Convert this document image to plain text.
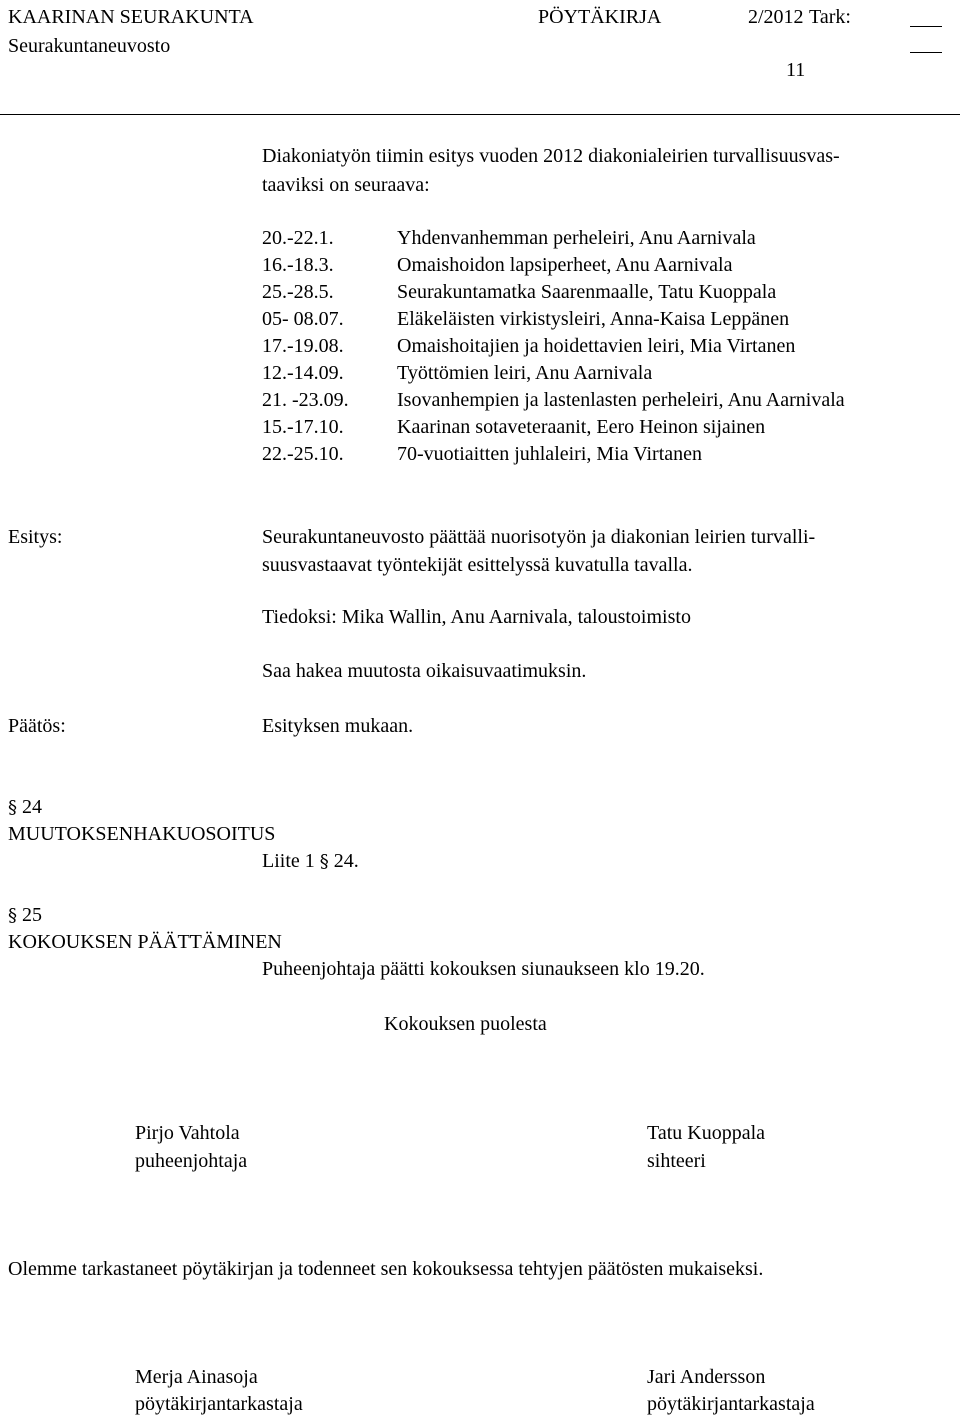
KAARINAN SEURAKUNTA
Seurakuntaneuvosto
PÖYTÄKIRJA	2/2012 Tark:
11
Diakoniatyön tiimin esitys vuoden 2012 diakonialeirien turvallisuusvas-
taaviksi on seuraava:
20.-22.1.	Yhdenvanhemman perheleiri, Anu Aarnivala
16.-18.3.	Omaishoidon lapsiperheet, Anu Aarnivala
25.-28.5.	Seurakuntamatka Saarenmaalle, Tatu Kuoppala
05- 08.07.	Eläkeläisten virkistysleiri, Anna-Kaisa Leppänen
17.-19.08.	Omaishoitajien ja hoidettavien leiri, Mia Virtanen
12.-14.09.	Työttömien leiri, Anu Aarnivala
21. -23.09. Isovanhempien ja lastenlasten perheleiri, Anu Aarnivala
15.-17.10.	Kaarinan sotaveteraanit, Eero Heinon sijainen
22.-25.10.	70-vuotiaitten juhlaleiri, Mia Virtanen
Esitys:	Seurakuntaneuvosto päättää nuorisotyön ja diakonian leirien turvalli-
suusvastaavat työntekijät esittelyssä kuvatulla tavalla.
Tiedoksi: Mika Wallin, Anu Aarnivala, taloustoimisto
Saa hakea muutosta oikaisuvaatimuksin.
Päätös:	Esityksen mukaan.
§ 24
MUUTOKSENHAKUOSOITUS
Liite 1 § 24.
§ 25
KOKOUKSEN PÄÄTTÄMINEN
Puheenjohtaja päätti kokouksen siunaukseen klo 19.20.
Kokouksen puolesta
Pirjo Vahtola
puheenjohtaja
Tatu Kuoppala
sihteeri
Olemme tarkastaneet pöytäkirjan ja todenneet sen kokouksessa tehtyjen päätösten mukaiseksi.
Merja Ainasoja
pöytäkirjantarkastaja
Jari Andersson
pöytäkirjantarkastaja
